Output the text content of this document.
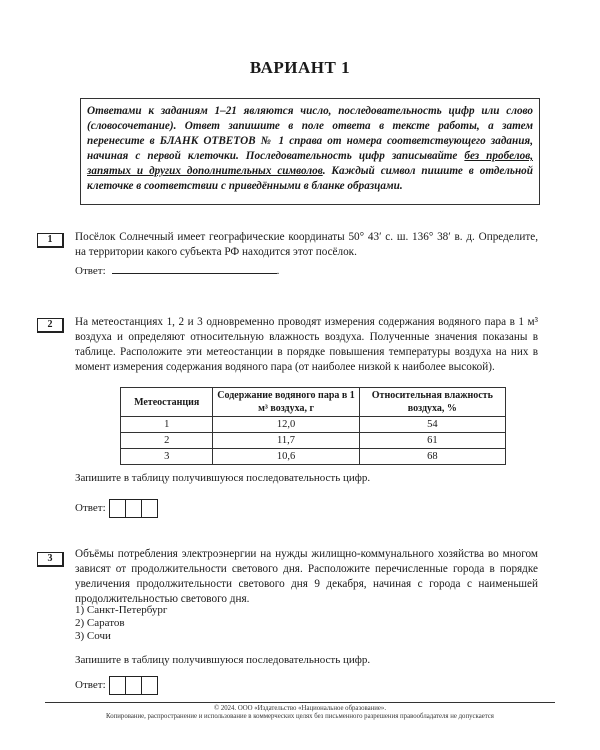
ВАРИАНТ 1
Ответами к заданиям 1–21 являются число, последовательность цифр или слово (словосочетание). Ответ запишите в поле ответа в тексте работы, а затем перенесите в БЛАНК ОТВЕТОВ № 1 справа от номера соответствующего задания, начиная с первой клеточки. Последовательность цифр записывайте без пробелов, запятых и других дополнительных символов. Каждый символ пишите в отдельной клеточке в соответствии с приведёнными в бланке образцами.
1	Посёлок Солнечный имеет географические координаты 50° 43′ с. ш. 136° 38′ в. д. Определите, на территории какого субъекта РФ находится этот посёлок.
Ответ:	.
2	На метеостанциях 1, 2 и 3 одновременно проводят измерения содержания водяного пара в 1 м³ воздуха и определяют относительную влажность воздуха. Полученные значения показаны в таблице. Расположите эти метеостанции в порядке повышения температуры воздуха на них в момент измерения содержания водяного пара (от наиболее низкой к наиболее высокой).
Метеостанция	Содержание водяного пара в 1 м³ воздуха, г	Относительная влажность воздуха, %
1	12,0	54
2	11,7	61
3	10,6	68
Запишите в таблицу получившуюся последовательность цифр.
Ответ:
3	Объёмы потребления электроэнергии на нужды жилищно-коммунального хозяйства во многом зависят от продолжительности светового дня. Расположите перечисленные города в порядке увеличения продолжительности светового дня 9 декабря, начиная с города с наименьшей продолжительностью светового дня.
1) Санкт-Петербург
2) Саратов
3) Сочи
Запишите в таблицу получившуюся последовательность цифр.
Ответ:
© 2024. ООО «Издательство «Национальное образование».
Копирование, распространение и использование в коммерческих целях без письменного разрешения правообладателя не допускается
